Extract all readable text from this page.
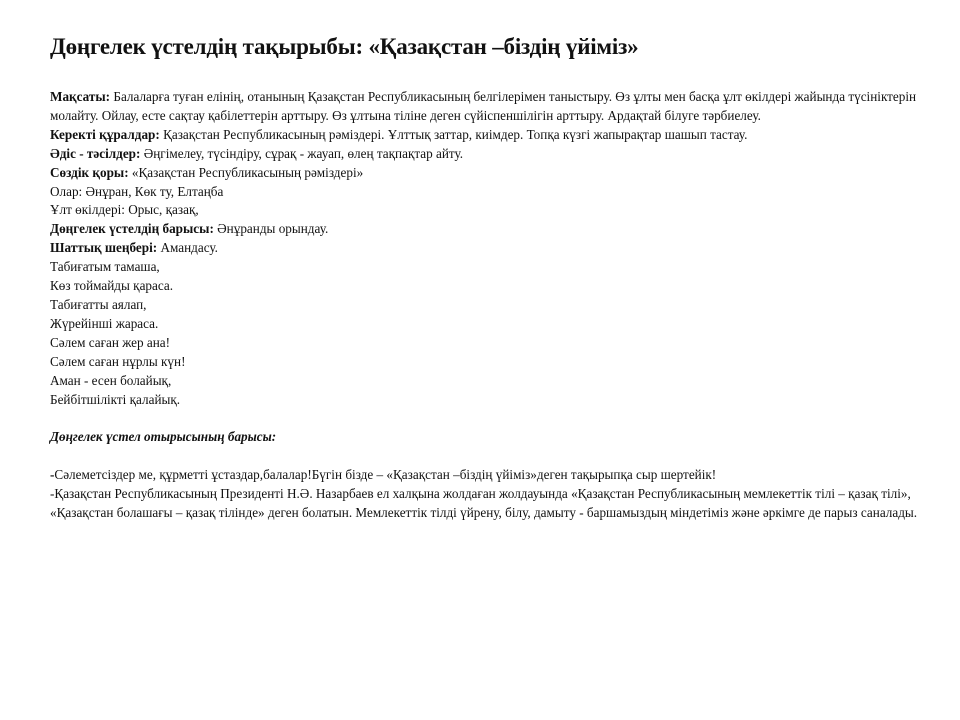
Дөңгелек үстелдің тақырыбы: «Қазақстан –біздің үйіміз»
Мақсаты: Балаларға туған елінің, отанының Қазақстан Республикасының белгілерімен таныстыру. Өз ұлты мен басқа ұлт өкілдері жайында түсініктерін молайту. Ойлау, есте сақтау қабілеттерін арттыру. Өз ұлтына тіліне деген сүйіспеншілігін арттыру. Ардақтай білуге тәрбиелеу.
Керекті құралдар: Қазақстан Республикасының рәміздері. Ұлттық заттар, киімдер. Топқа күзгі жапырақтар шашып тастау.
Әдіс - тәсілдер: Әңгімелеу, түсіндіру, сұрақ - жауап, өлең тақпақтар айту.
Сөздік қоры: «Қазақстан Республикасының рәміздері»
Олар: Әнұран, Көк ту, Елтаңба
Ұлт өкілдері: Орыс, қазақ,
Дөңгелек үстелдің барысы: Әнұранды орындау.
Шаттық шеңбері: Амандасу.
Табиғатым тамаша,
Көз тоймайды қараса.
Табиғатты аялап,
Жүрейінші жараса.
Сәлем саған жер ана!
Сәлем саған нұрлы күн!
Аман - есен болайық,
Бейбітшілікті қалайық.
Дөңгелек үстел отырысының барысы:
-Сәлеметсіздер ме, құрметті ұстаздар,балалар!Бүгін бізде – «Қазақстан –біздің үйіміз»деген тақырыпқа сыр шертейік!
-Қазақстан Республикасының Президенті Н.Ә. Назарбаев ел халқына жолдаған жолдауында «Қазақстан Республикасының мемлекеттік тілі – қазақ тілі», «Қазақстан болашағы – қазақ тілінде» деген болатын. Мемлекеттік тілді үйрену, білу, дамыту - баршамыздың міндетіміз және әркімге де парыз саналады.
